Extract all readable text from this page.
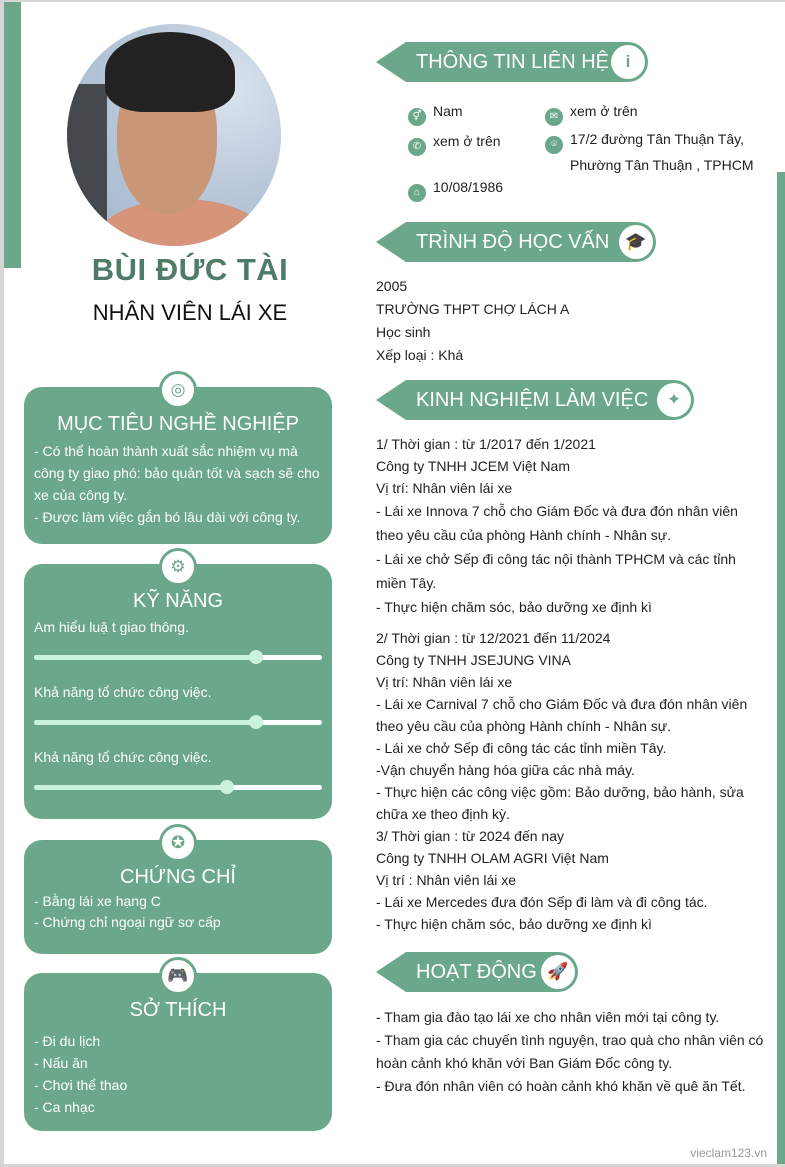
BÙI ĐỨC TÀI
NHÂN VIÊN LÁI XE
◎
MỤC TIÊU NGHỀ NGHIỆP

- Có thể hoàn thành xuất sắc nhiệm vụ mà công ty giao phó: bảo quản tốt và sạch sẽ cho xe của công ty.

- Được làm việc gắn bó lâu dài với công ty.

⚙
KỸ NĂNG
Am hiểu luậ t giao thông.
Khả năng tổ chức công việc.
Khả năng tổ chức công việc.
✪
CHỨNG CHỈ

- Bằng lái xe hạng C

- Chứng chỉ ngoại ngữ sơ cấp

🎮
SỞ THÍCH

- Đi du lịch

- Nấu ăn

- Chơi thể thao

- Ca nhạc

THÔNG TIN LIÊN HỆ i
⚥ Nam	✉ xem ở trên
✆ xem ở trên	⌾ 17/2 đường Tân Thuận Tây,
Phường Tân Thuận , TPHCM
⌂ 10/08/1986
TRÌNH ĐỘ HỌC VẤN 🎓

2005

TRƯỜNG THPT CHỢ LÁCH A

Học sinh

Xếp loại : Khá

KINH NGHIỆM LÀM VIỆC	✦

1/ Thời gian : từ 1/2017 đến 1/2021

Công ty TNHH JCEM Việt Nam

Vị trí: Nhân viên lái xe

- Lái xe Innova 7 chỗ cho Giám Đốc và đưa đón nhân viên theo yêu cầu của phòng Hành chính - Nhân sự.

- Lái xe chở Sếp đi công tác nội thành TPHCM và các tỉnh miền Tây.

- Thực hiện chăm sóc, bảo dưỡng xe định kì

2/ Thời gian : từ 12/2021 đến 11/2024

Công ty TNHH JSEJUNG VINA

Vị trí: Nhân viên lái xe

- Lái xe Carnival 7 chỗ cho Giám Đốc và đưa đón nhân viên theo yêu cầu của phòng Hành chính - Nhân sự.

- Lái xe chở Sếp đi công tác các tỉnh miền Tây.

-Vận chuyển hàng hóa giữa các nhà máy.

- Thực hiện các công việc gồm: Bảo dưỡng, bảo hành, sửa chữa xe theo định kỳ.

3/ Thời gian : từ 2024 đến nay

Công ty TNHH OLAM AGRI Việt Nam

Vị trí : Nhân viên lái xe

- Lái xe Mercedes đưa đón Sếp đi làm và đi công tác.

- Thực hiện chăm sóc, bảo dưỡng xe định kì

HOẠT ĐỘNG 🚀

- Tham gia đào tạo lái xe cho nhân viên mới tại công ty.

- Tham gia các chuyến tình nguyện, trao quà cho nhân viên có hoàn cảnh khó khăn với Ban Giám Đốc công ty.

- Đưa đón nhân viên có hoàn cảnh khó khăn về quê ăn Tết.

vieclam123.vn
